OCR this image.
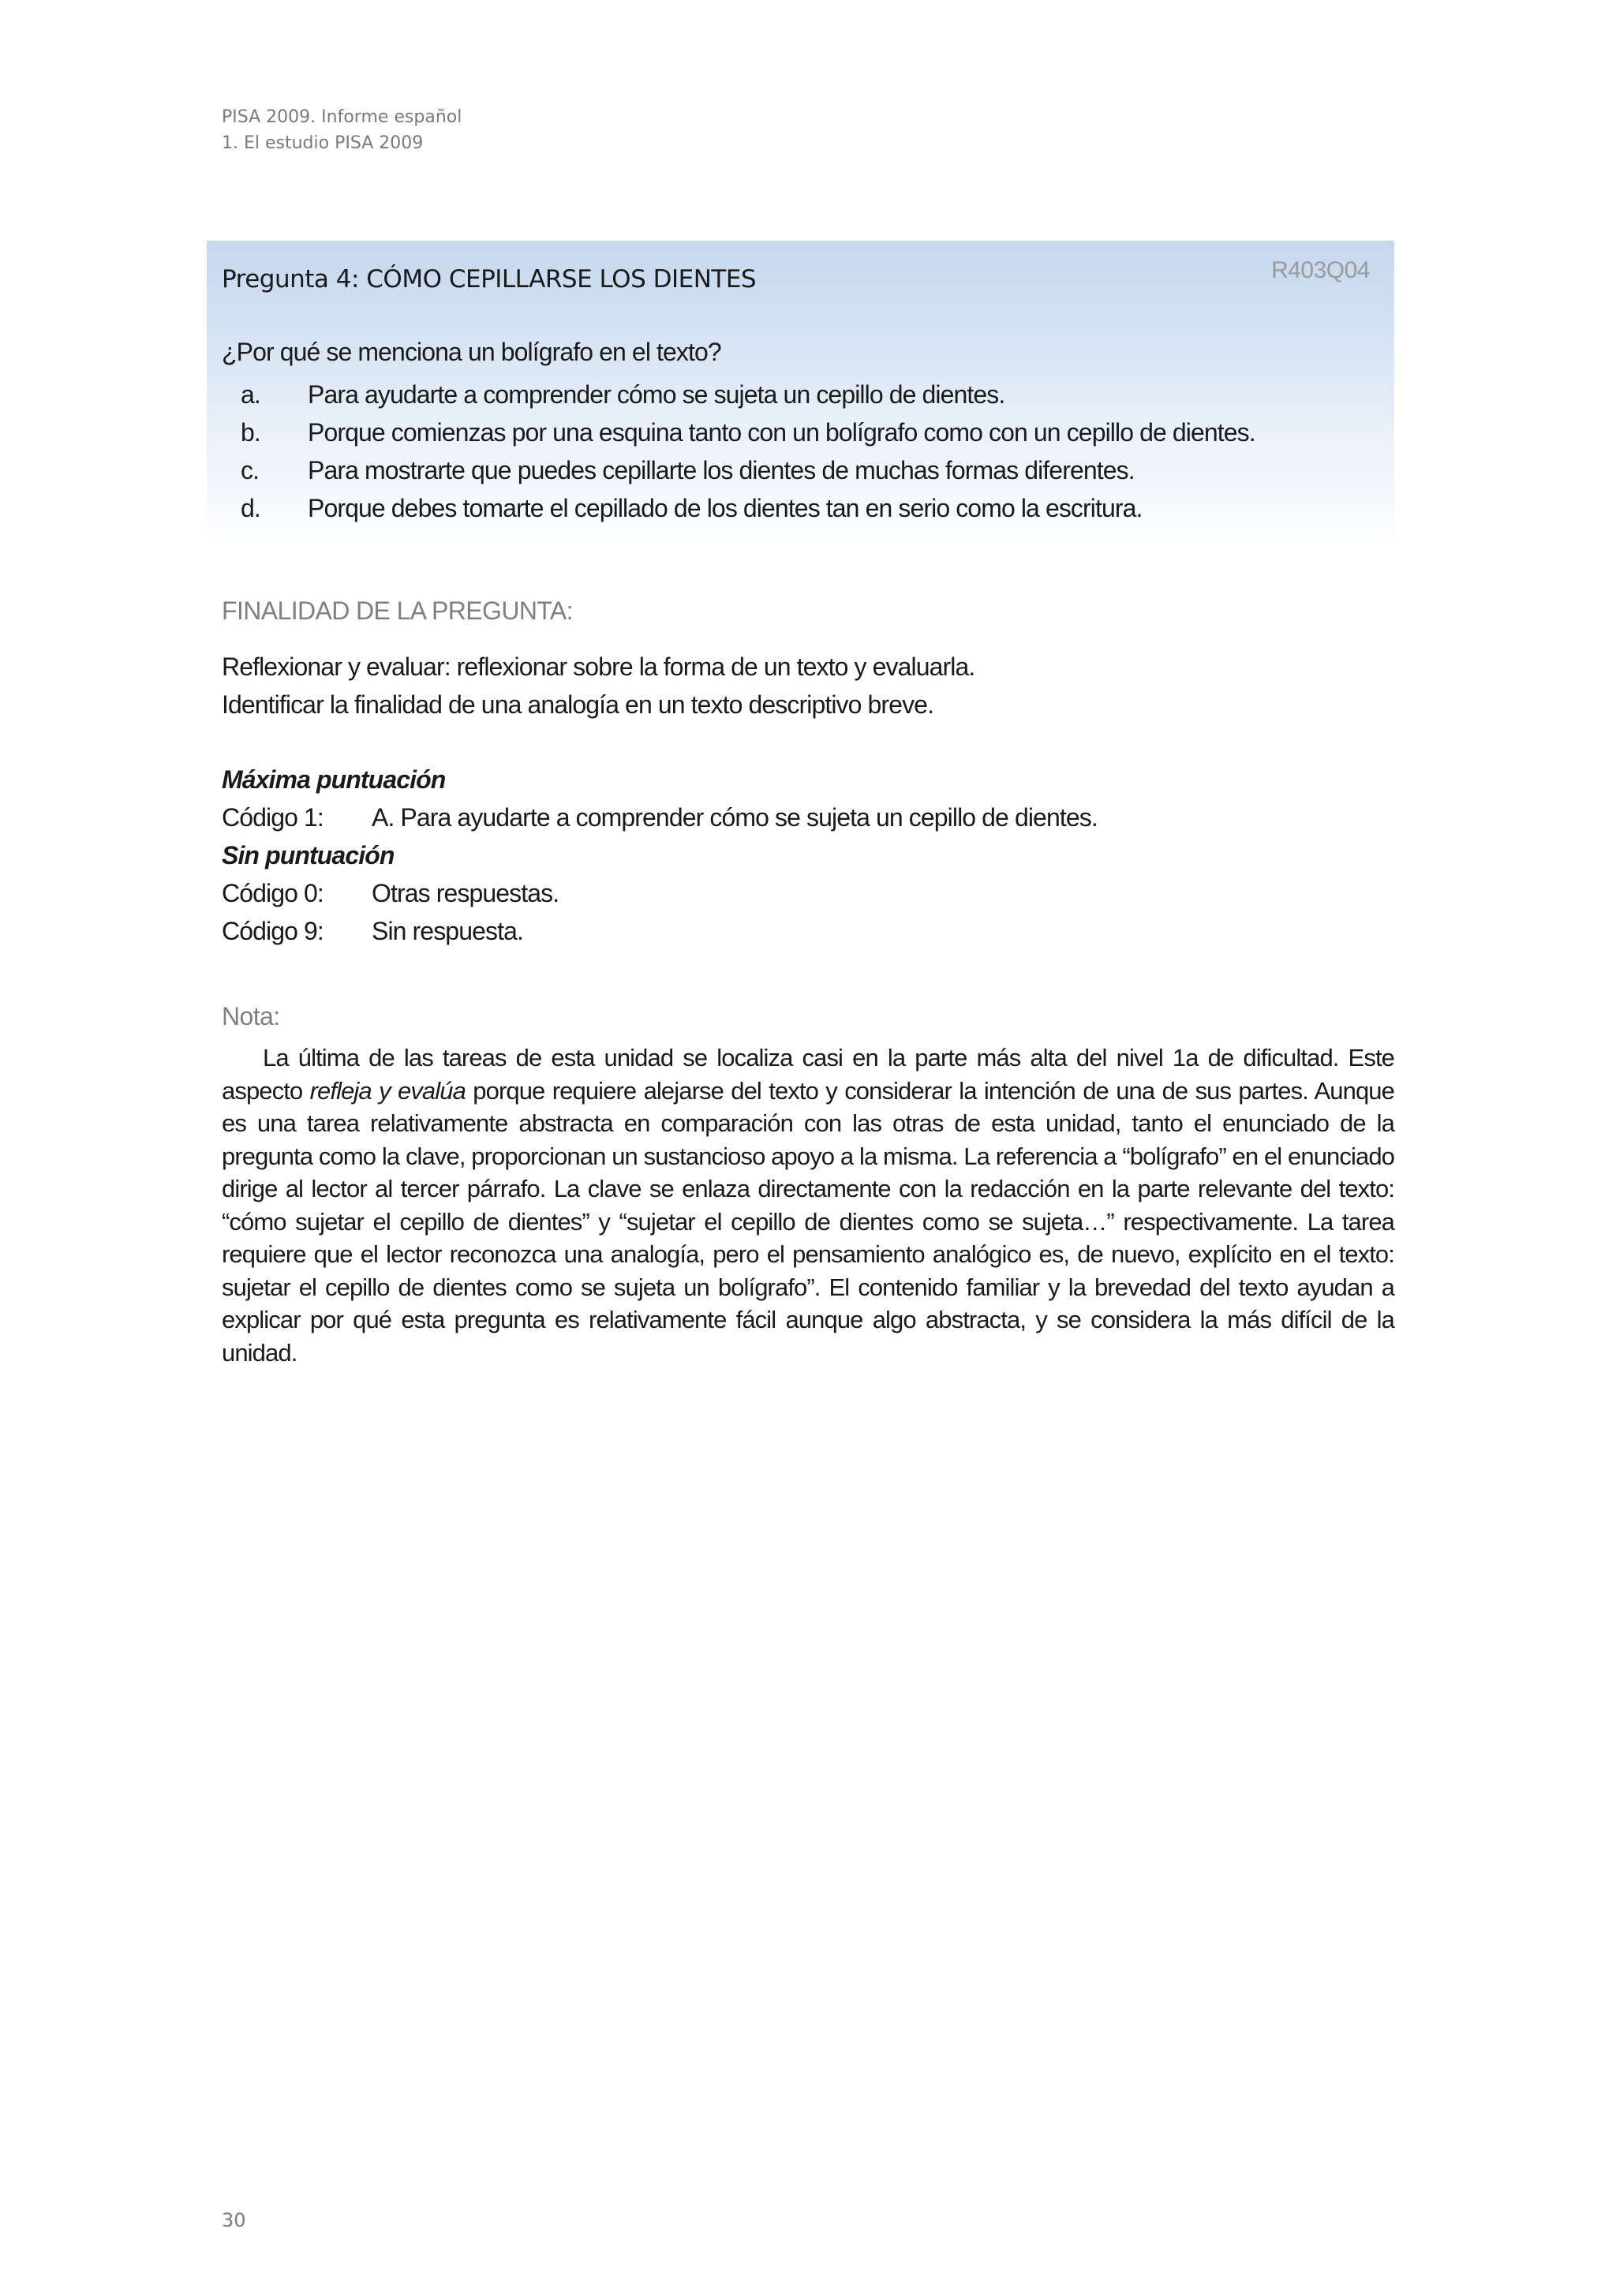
PISA 2009. Informe español
1. El estudio PISA 2009
Pregunta 4: CÓMO CEPILLARSE LOS DIENTES	R403Q04
¿Por qué se menciona un bolígrafo en el texto?
a.	Para ayudarte a comprender cómo se sujeta un cepillo de dientes.
b.	Porque comienzas por una esquina tanto con un bolígrafo como con un cepillo de dientes.
c.	Para mostrarte que puedes cepillarte los dientes de muchas formas diferentes.
d.	Porque debes tomarte el cepillado de los dientes tan en serio como la escritura.
FINALIDAD DE LA PREGUNTA:
Reflexionar y evaluar: reflexionar sobre la forma de un texto y evaluarla.
Identificar la finalidad de una analogía en un texto descriptivo breve.
Máxima puntuación
Código 1: A. Para ayudarte a comprender cómo se sujeta un cepillo de dientes.
Sin puntuación
Código 0: Otras respuestas.
Código 9: Sin respuesta.
Nota:

La última de las tareas de esta unidad se localiza casi en la parte más alta del nivel 1a de dificultad. Este aspecto refleja y evalúa porque requiere alejarse del texto y considerar la intención de una de sus partes. Aunque es una tarea relativamente abstracta en comparación con las otras de esta unidad, tanto el enunciado de la pregunta como la clave, proporcionan un sustancioso apoyo a la misma. La referencia a “bolígrafo” en el enunciado dirige al lector al tercer párrafo. La clave se enlaza directamente con la redacción en la parte relevante del texto: “cómo sujetar el cepillo de dientes” y “sujetar el cepillo de dientes como se sujeta…” respectivamente. La tarea requiere que el lector reconozca una analogía, pero el pensamiento analógico es, de nuevo, explícito en el texto: sujetar el cepillo de dientes como se sujeta un bolígrafo”. El contenido familiar y la brevedad del texto ayudan a explicar por qué esta pregunta es relativamente fácil aunque algo abstracta, y se considera la más difícil de la unidad.

30
